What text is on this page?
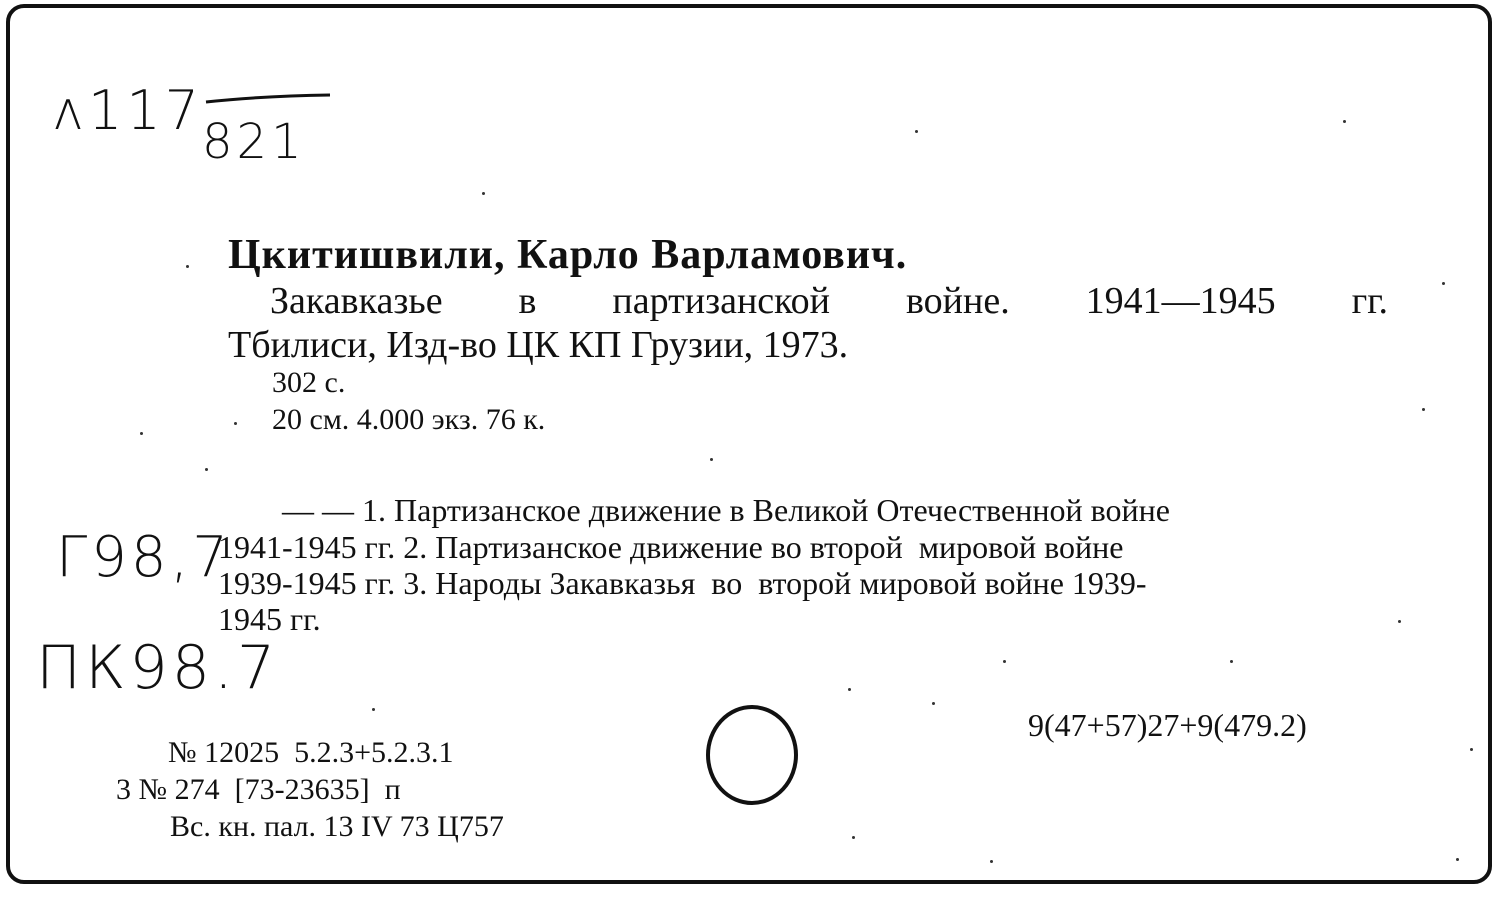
ʌ117
821
Г98,7
ПК98.7
Цкитишвили, Карло Варламович.
Закавказье в партизанской войне. 1941—1945 гг.
Тбилиси, Изд-во ЦК КП Грузии, 1973.
302 с.
20 см. 4.000 экз. 76 к.
— — 1. Партизанское движение в Великой Отечественной войне
1941-1945 гг. 2. Партизанское движение во второй  мировой войне
1939-1945 гг. 3. Народы Закавказья  во  второй мировой войне 1939-
1945 гг.
9(47+57)27+9(479.2)
№ 12025  5.2.3+5.2.3.1
3 № 274  [73-23635]  п
Вс. кн. пал. 13 IV 73 Ц757
